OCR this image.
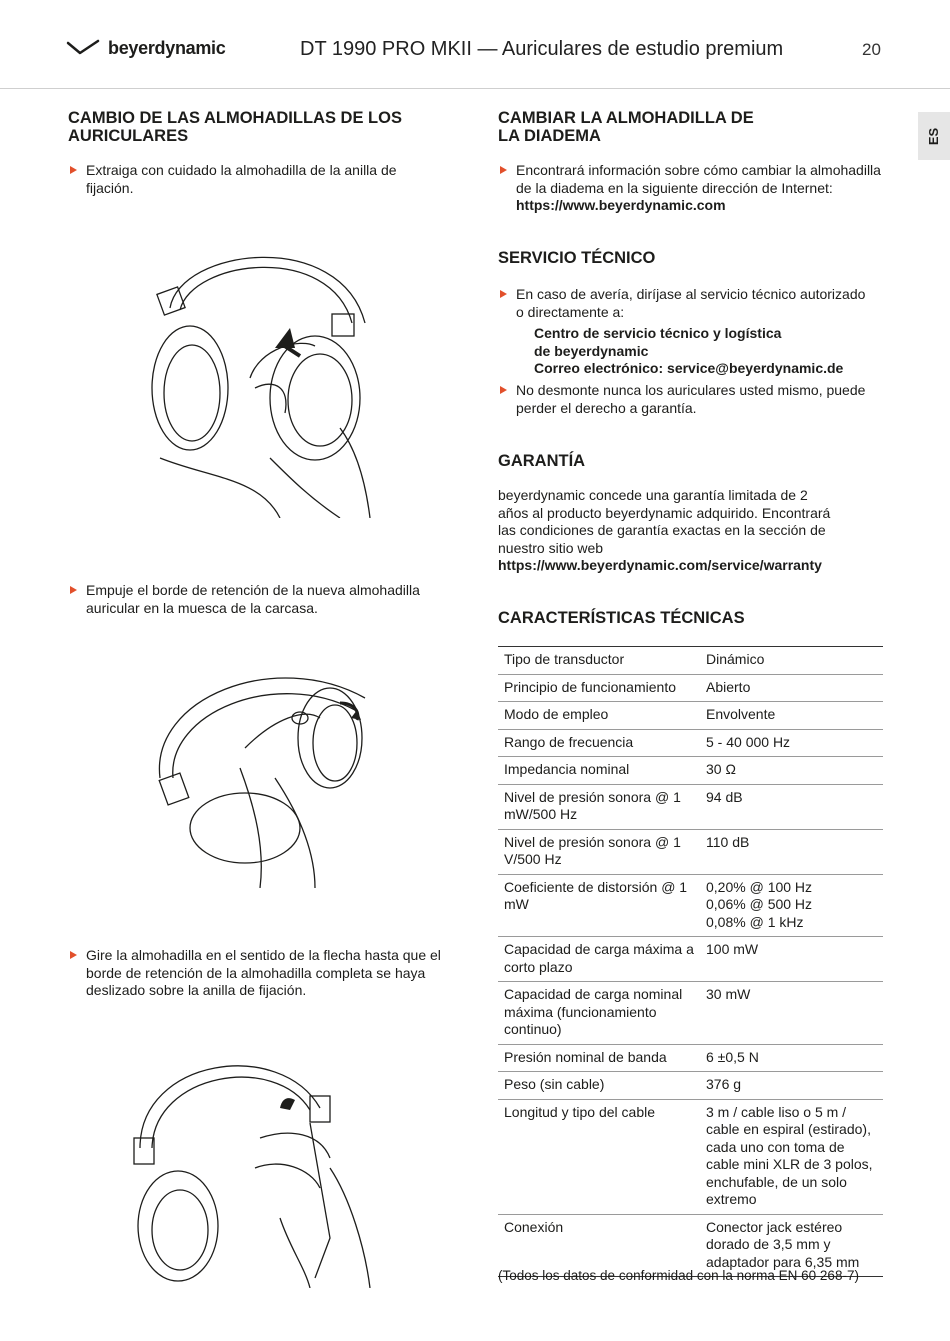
beyerdynamic	DT 1990 PRO MKII — Auriculares de estudio premium	20
ES
CAMBIO DE LAS ALMOHADILLAS DE LOS AURICULARES
Extraiga con cuidado la almohadilla de la anilla de fijación.
Empuje el borde de retención de la nueva almohadilla auricular en la muesca de la carcasa.
Gire la almohadilla en el sentido de la flecha hasta que el borde de retención de la almohadilla completa se haya deslizado sobre la anilla de fijación.
CAMBIAR LA ALMOHADILLA DE LA DIADEMA
Encontrará información sobre cómo cambiar la almohadilla de la diadema en la siguiente dirección de Internet: https://www.beyerdynamic.com
SERVICIO TÉCNICO
En caso de avería, diríjase al servicio técnico autorizado o directamente a:
Centro de servicio técnico y logística
de beyerdynamic
Correo electrónico: service@beyerdynamic.de
No desmonte nunca los auriculares usted mismo, puede perder el derecho a garantía.
GARANTÍA
beyerdynamic concede una garantía limitada de 2 años al producto beyerdynamic adquirido. Encontrará las condiciones de garantía exactas en la sección de nuestro sitio web https://www.beyerdynamic.com/service/warranty
CARACTERÍSTICAS TÉCNICAS
Tipo de transductor	Dinámico
Principio de funcionamiento	Abierto
Modo de empleo	Envolvente
Rango de frecuencia	5 - 40 000 Hz
Impedancia nominal	30 Ω
Nivel de presión sonora @ 1 mW/500 Hz	94 dB
Nivel de presión sonora @ 1 V/500 Hz	110 dB
Coeficiente de distorsión @ 1 mW	0,20% @ 100 Hz
0,06% @ 500 Hz
0,08% @ 1 kHz
Capacidad de carga máxima a corto plazo	100 mW
Capacidad de carga nominal máxima (funcionamiento continuo)	30 mW
Presión nominal de banda	6 ±0,5 N
Peso (sin cable)	376 g
Longitud y tipo del cable	3 m / cable liso o 5 m / cable en espiral (estirado), cada uno con toma de cable mini XLR de 3 polos, enchufable, de un solo extremo
Conexión	Conector jack estéreo dorado de 3,5 mm y adaptador para 6,35 mm
(Todos los datos de conformidad con la norma EN 60 268-7)
